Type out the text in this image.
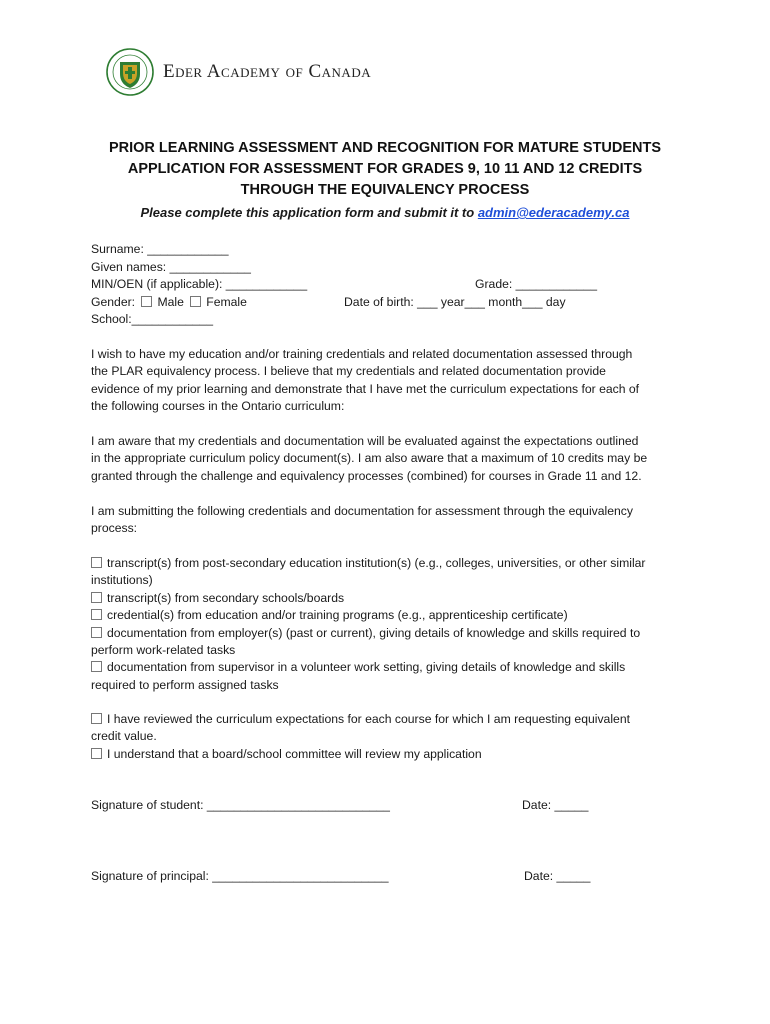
Eder Academy of Canada
PRIOR LEARNING ASSESSMENT AND RECOGNITION FOR MATURE STUDENTS
APPLICATION FOR ASSESSMENT FOR GRADES 9, 10 11 AND 12 CREDITS
THROUGH THE EQUIVALENCY PROCESS
Please complete this application form and submit it to admin@ederacademy.ca
Surname: ____________
Given names: ____________
MIN/OEN (if applicable): ____________	Grade: ____________
Gender: Male Female	Date of birth: ___ year___ month___ day
School:____________
I wish to have my education and/or training credentials and related documentation assessed through
the PLAR equivalency process. I believe that my credentials and related documentation provide
evidence of my prior learning and demonstrate that I have met the curriculum expectations for each of
the following courses in the Ontario curriculum:
I am aware that my credentials and documentation will be evaluated against the expectations outlined
in the appropriate curriculum policy document(s). I am also aware that a maximum of 10 credits may be
granted through the challenge and equivalency processes (combined) for courses in Grade 11 and 12.
I am submitting the following credentials and documentation for assessment through the equivalency
process:
transcript(s) from post-secondary education institution(s) (e.g., colleges, universities, or other similar
institutions)
transcript(s) from secondary schools/boards
credential(s) from education and/or training programs (e.g., apprenticeship certificate)
documentation from employer(s) (past or current), giving details of knowledge and skills required to
perform work-related tasks
documentation from supervisor in a volunteer work setting, giving details of knowledge and skills
required to perform assigned tasks
I have reviewed the curriculum expectations for each course for which I am requesting equivalent
credit value.
I understand that a board/school committee will review my application
Signature of student: ___________________________	Date: _____
Signature of principal: __________________________	Date: _____
